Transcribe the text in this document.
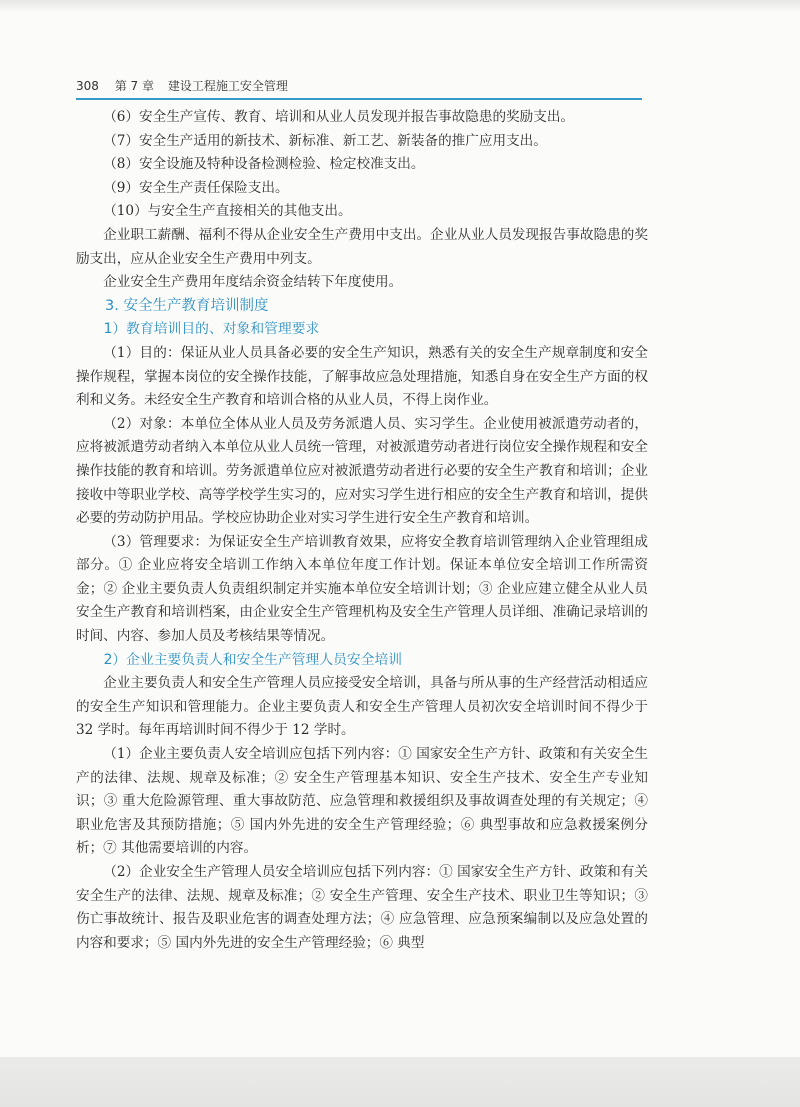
308 第 7 章 建设工程施工安全管理

（6）安全生产宣传、教育、培训和从业人员发现并报告事故隐患的奖励支出。

（7）安全生产适用的新技术、新标准、新工艺、新装备的推广应用支出。

（8）安全设施及特种设备检测检验、检定校准支出。

（9）安全生产责任保险支出。

（10）与安全生产直接相关的其他支出。

企业职工薪酬、福利不得从企业安全生产费用中支出。企业从业人员发现报告事故隐患的奖励支出，应从企业安全生产费用中列支。

企业安全生产费用年度结余资金结转下年度使用。

3. 安全生产教育培训制度

1）教育培训目的、对象和管理要求

（1）目的：保证从业人员具备必要的安全生产知识，熟悉有关的安全生产规章制度和安全操作规程，掌握本岗位的安全操作技能，了解事故应急处理措施，知悉自身在安全生产方面的权利和义务。未经安全生产教育和培训合格的从业人员，不得上岗作业。

（2）对象：本单位全体从业人员及劳务派遣人员、实习学生。企业使用被派遣劳动者的，应将被派遣劳动者纳入本单位从业人员统一管理，对被派遣劳动者进行岗位安全操作规程和安全操作技能的教育和培训。劳务派遣单位应对被派遣劳动者进行必要的安全生产教育和培训；企业接收中等职业学校、高等学校学生实习的，应对实习学生进行相应的安全生产教育和培训，提供必要的劳动防护用品。学校应协助企业对实习学生进行安全生产教育和培训。

（3）管理要求：为保证安全生产培训教育效果，应将安全教育培训管理纳入企业管理组成部分。① 企业应将安全培训工作纳入本单位年度工作计划。保证本单位安全培训工作所需资金；② 企业主要负责人负责组织制定并实施本单位安全培训计划；③ 企业应建立健全从业人员安全生产教育和培训档案，由企业安全生产管理机构及安全生产管理人员详细、准确记录培训的时间、内容、参加人员及考核结果等情况。

2）企业主要负责人和安全生产管理人员安全培训

企业主要负责人和安全生产管理人员应接受安全培训，具备与所从事的生产经营活动相适应的安全生产知识和管理能力。企业主要负责人和安全生产管理人员初次安全培训时间不得少于 32 学时。每年再培训时间不得少于 12 学时。

（1）企业主要负责人安全培训应包括下列内容：① 国家安全生产方针、政策和有关安全生产的法律、法规、规章及标准；② 安全生产管理基本知识、安全生产技术、安全生产专业知识；③ 重大危险源管理、重大事故防范、应急管理和救援组织及事故调查处理的有关规定；④ 职业危害及其预防措施；⑤ 国内外先进的安全生产管理经验；⑥ 典型事故和应急救援案例分析；⑦ 其他需要培训的内容。

（2）企业安全生产管理人员安全培训应包括下列内容：① 国家安全生产方针、政策和有关安全生产的法律、法规、规章及标准；② 安全生产管理、安全生产技术、职业卫生等知识；③ 伤亡事故统计、报告及职业危害的调查处理方法；④ 应急管理、应急预案编制以及应急处置的内容和要求；⑤ 国内外先进的安全生产管理经验；⑥ 典型
